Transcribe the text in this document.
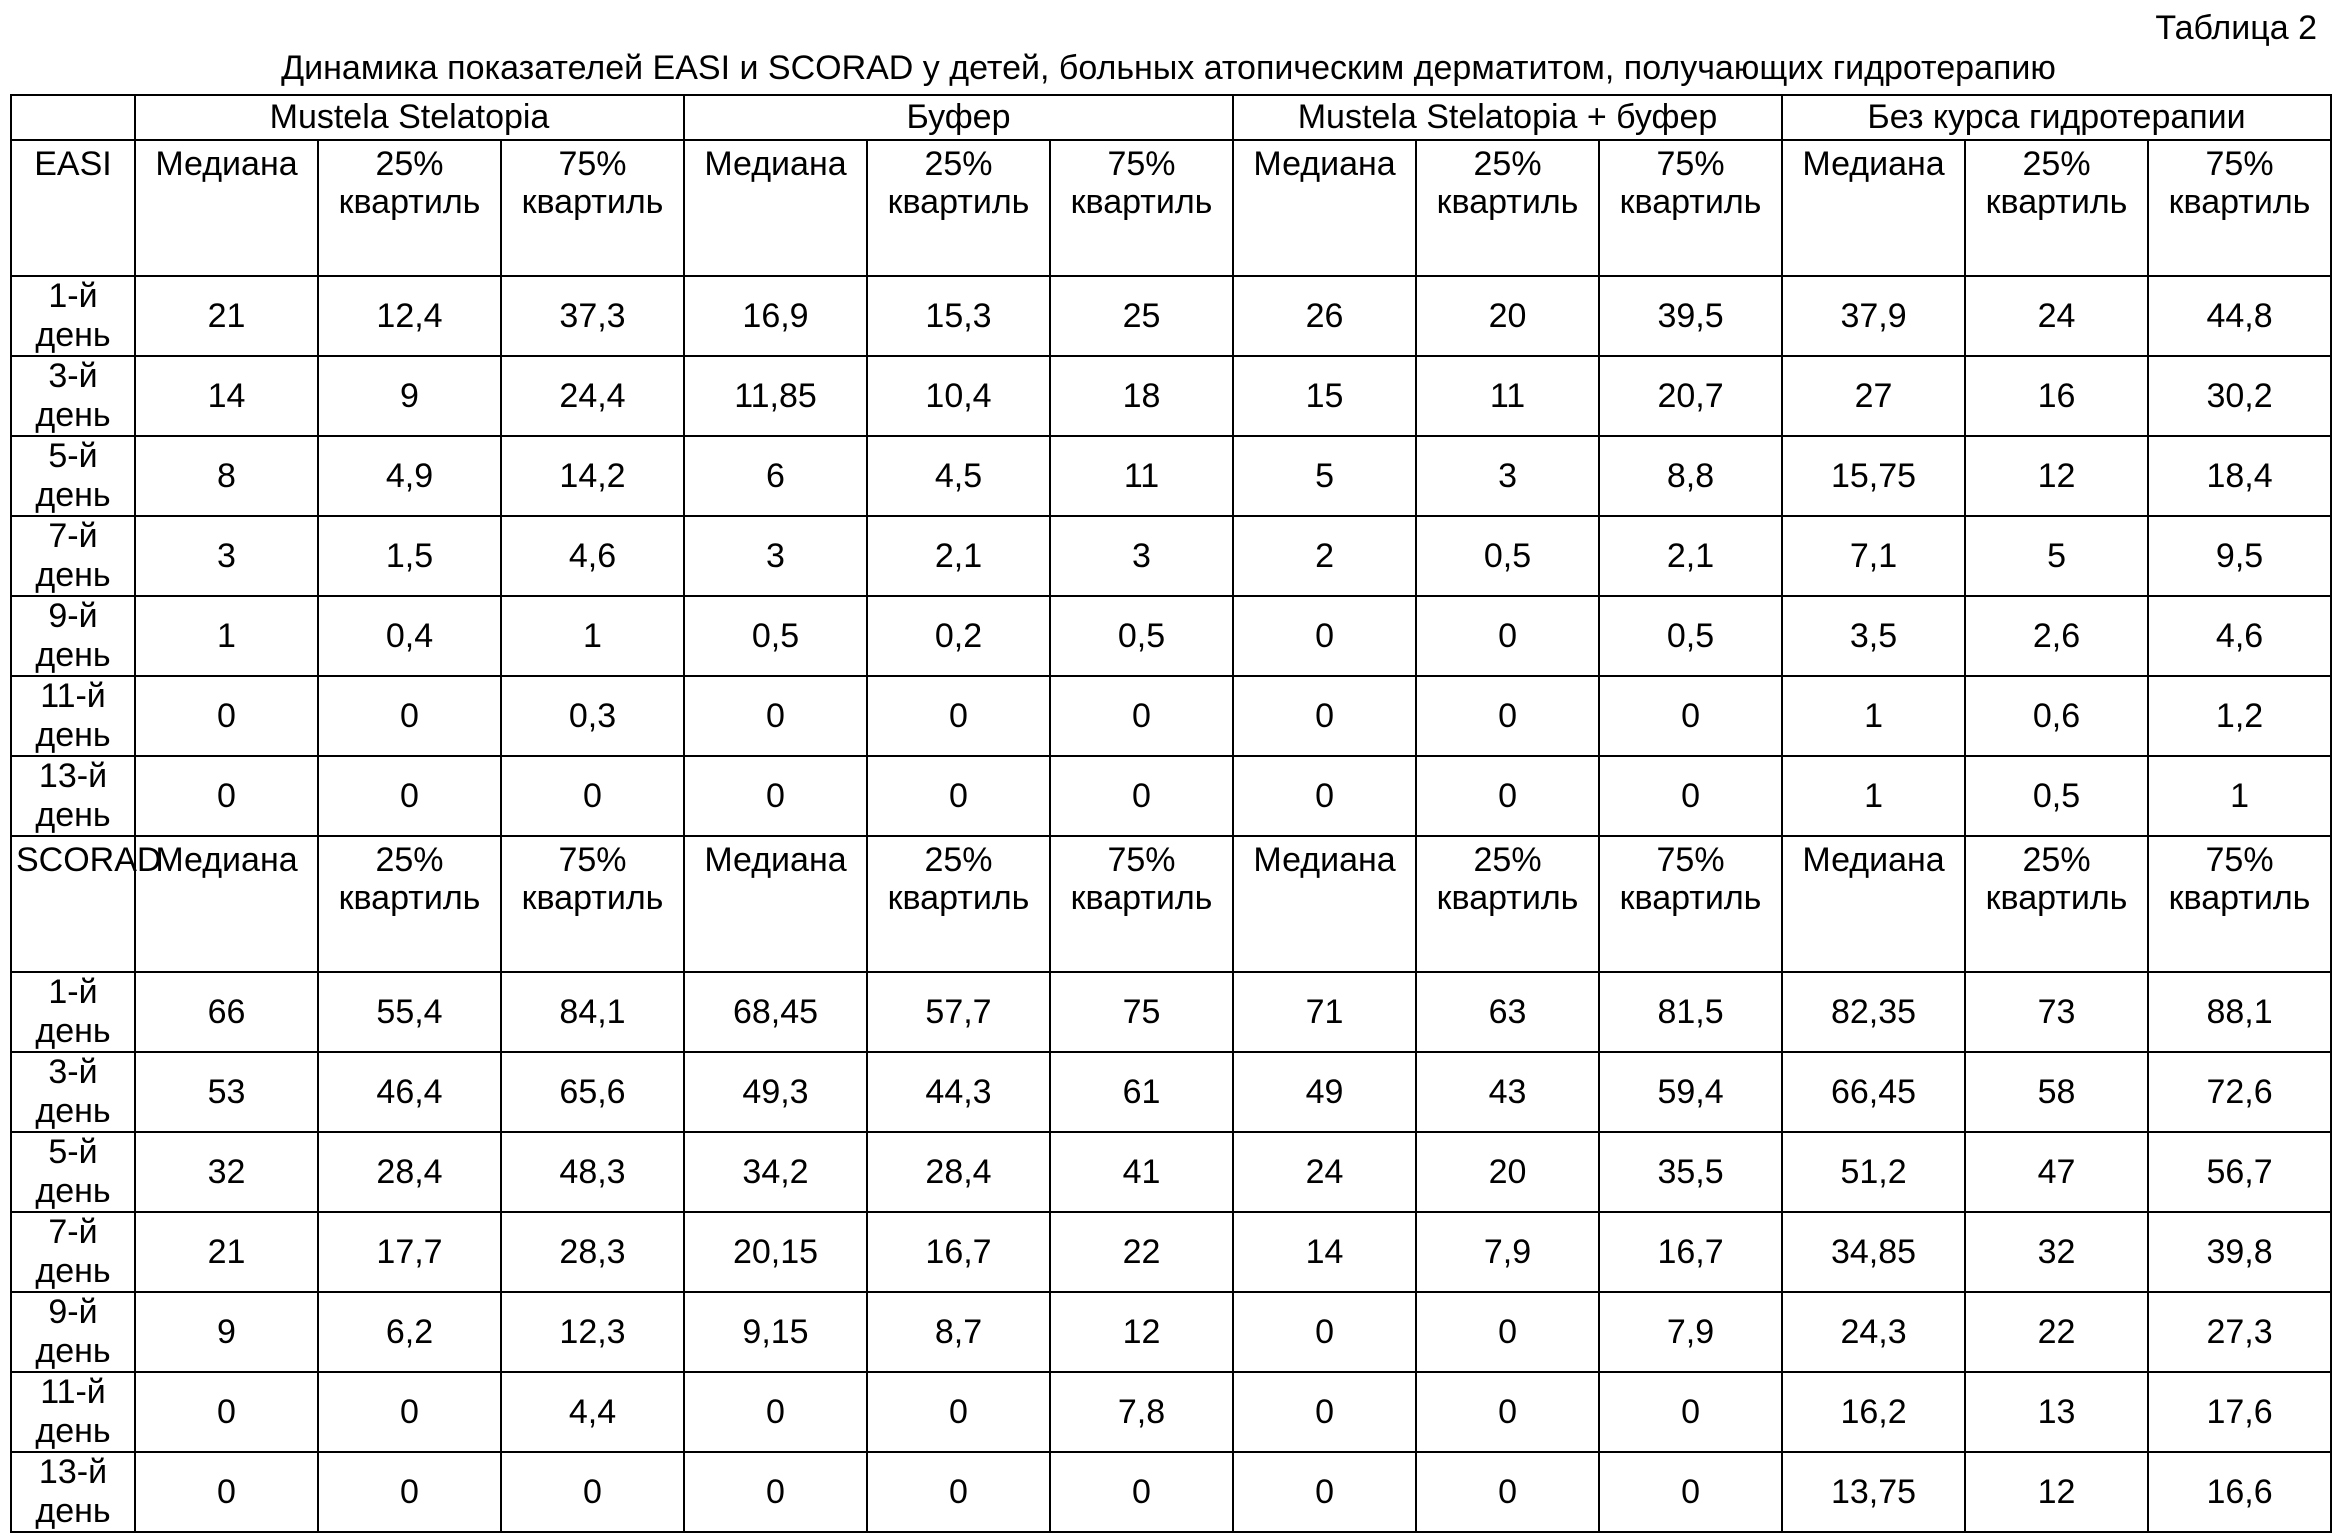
Таблица 2
Динамика показателей EASI и SCORAD у детей, больных атопическим дерматитом, получающих гидротерапию
	Mustela Stelatopia			Буфер			Mustela Stelatopia + буфер			Без курса гидротерапии		
EASI	Медиана	25% квартиль	75% квартиль	Медиана	25% квартиль	75% квартиль	Медиана	25% квартиль	75% квартиль	Медиана	25% квартиль	75% квартиль
1-й день	21	12,4	37,3	16,9	15,3	25	26	20	39,5	37,9	24	44,8
3-й день	14	9	24,4	11,85	10,4	18	15	11	20,7	27	16	30,2
5-й день	8	4,9	14,2	6	4,5	11	5	3	8,8	15,75	12	18,4
7-й день	3	1,5	4,6	3	2,1	3	2	0,5	2,1	7,1	5	9,5
9-й день	1	0,4	1	0,5	0,2	0,5	0	0	0,5	3,5	2,6	4,6
11-й день	0	0	0,3	0	0	0	0	0	0	1	0,6	1,2
13-й день	0	0	0	0	0	0	0	0	0	1	0,5	1
SCORAD	Медиана	25% квартиль	75% квартиль	Медиана	25% квартиль	75% квартиль	Медиана	25% квартиль	75% квартиль	Медиана	25% квартиль	75% квартиль
1-й день	66	55,4	84,1	68,45	57,7	75	71	63	81,5	82,35	73	88,1
3-й день	53	46,4	65,6	49,3	44,3	61	49	43	59,4	66,45	58	72,6
5-й день	32	28,4	48,3	34,2	28,4	41	24	20	35,5	51,2	47	56,7
7-й день	21	17,7	28,3	20,15	16,7	22	14	7,9	16,7	34,85	32	39,8
9-й день	9	6,2	12,3	9,15	8,7	12	0	0	7,9	24,3	22	27,3
11-й день	0	0	4,4	0	0	7,8	0	0	0	16,2	13	17,6
13-й день	0	0	0	0	0	0	0	0	0	13,75	12	16,6
